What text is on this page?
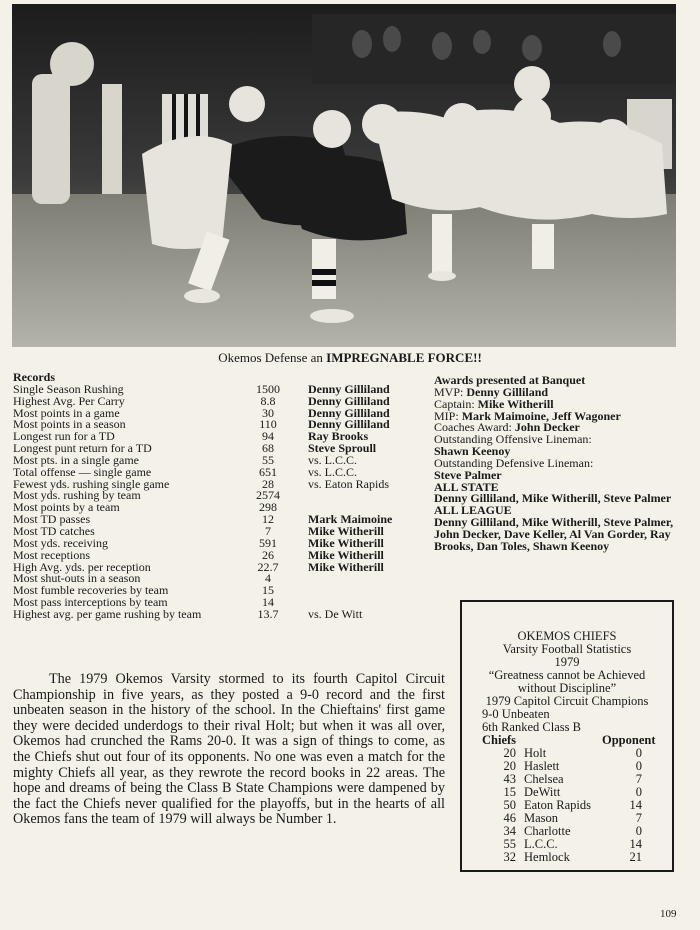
Okemos Defense an IMPREGNABLE FORCE!!
Records
Single Season Rushing	1500	Denny Gilliland
Highest Avg. Per Carry	8.8	Denny Gilliland
Most points in a game	30	Denny Gilliland
Most points in a season	110	Denny Gilliland
Longest run for a TD	94	Ray Brooks
Longest punt return for a TD	68	Steve Sproull
Most pts. in a single game	55	vs. L.C.C.
Total offense — single game	651	vs. L.C.C.
Fewest yds. rushing single game	28	vs. Eaton Rapids
Most yds. rushing by team	2574
Most points by a team	298
Most TD passes	12	Mark Maimoine
Most TD catches	7	Mike Witherill
Most yds. receiving	591	Mike Witherill
Most receptions	26	Mike Witherill
High Avg. yds. per reception	22.7	Mike Witherill
Most shut-outs in a season	4
Most fumble recoveries by team	15
Most pass interceptions by team	14
Highest avg. per game rushing by team	13.7	vs. De Witt
Awards presented at Banquet
MVP: Denny Gilliland
Captain: Mike Witherill
MIP: Mark Maimoine, Jeff Wagoner
Coaches Award: John Decker
Outstanding Offensive Lineman:
Shawn Keenoy
Outstanding Defensive Lineman:
Steve Palmer
ALL STATE
Denny Gilliland, Mike Witherill, Steve Palmer
ALL LEAGUE
Denny Gilliland, Mike Witherill, Steve Palmer, John Decker, Dave Keller, Al Van Gorder, Ray Brooks, Dan Toles, Shawn Keenoy
The 1979 Okemos Varsity stormed to its fourth Capitol Circuit Championship in five years, as they posted a 9-0 record and the first unbeaten season in the history of the school. In the Chieftains' first game they were decided underdogs to their rival Holt; but when it was all over, Okemos had crunched the Rams 20-0. It was a sign of things to come, as the Chiefs shut out four of its opponents. No one was even a match for the mighty Chiefs all year, as they rewrote the record books in 22 areas. The hope and dreams of being the Class B State Champions were dampened by the fact the Chiefs never qualified for the playoffs, but in the hearts of all Okemos fans the team of 1979 will always be Number 1.
OKEMOS CHIEFS
Varsity Football Statistics
1979
“Greatness cannot be Achieved without Discipline”
1979 Capitol Circuit Champions
9-0 Unbeaten
6th Ranked Class B
Chiefs	Opponent
20 Holt	0
20 Haslett	0
43 Chelsea	7
15 DeWitt	0
50 Eaton Rapids	14
46 Mason	7
34 Charlotte	0
55 L.C.C.	14
32 Hemlock	21
109
